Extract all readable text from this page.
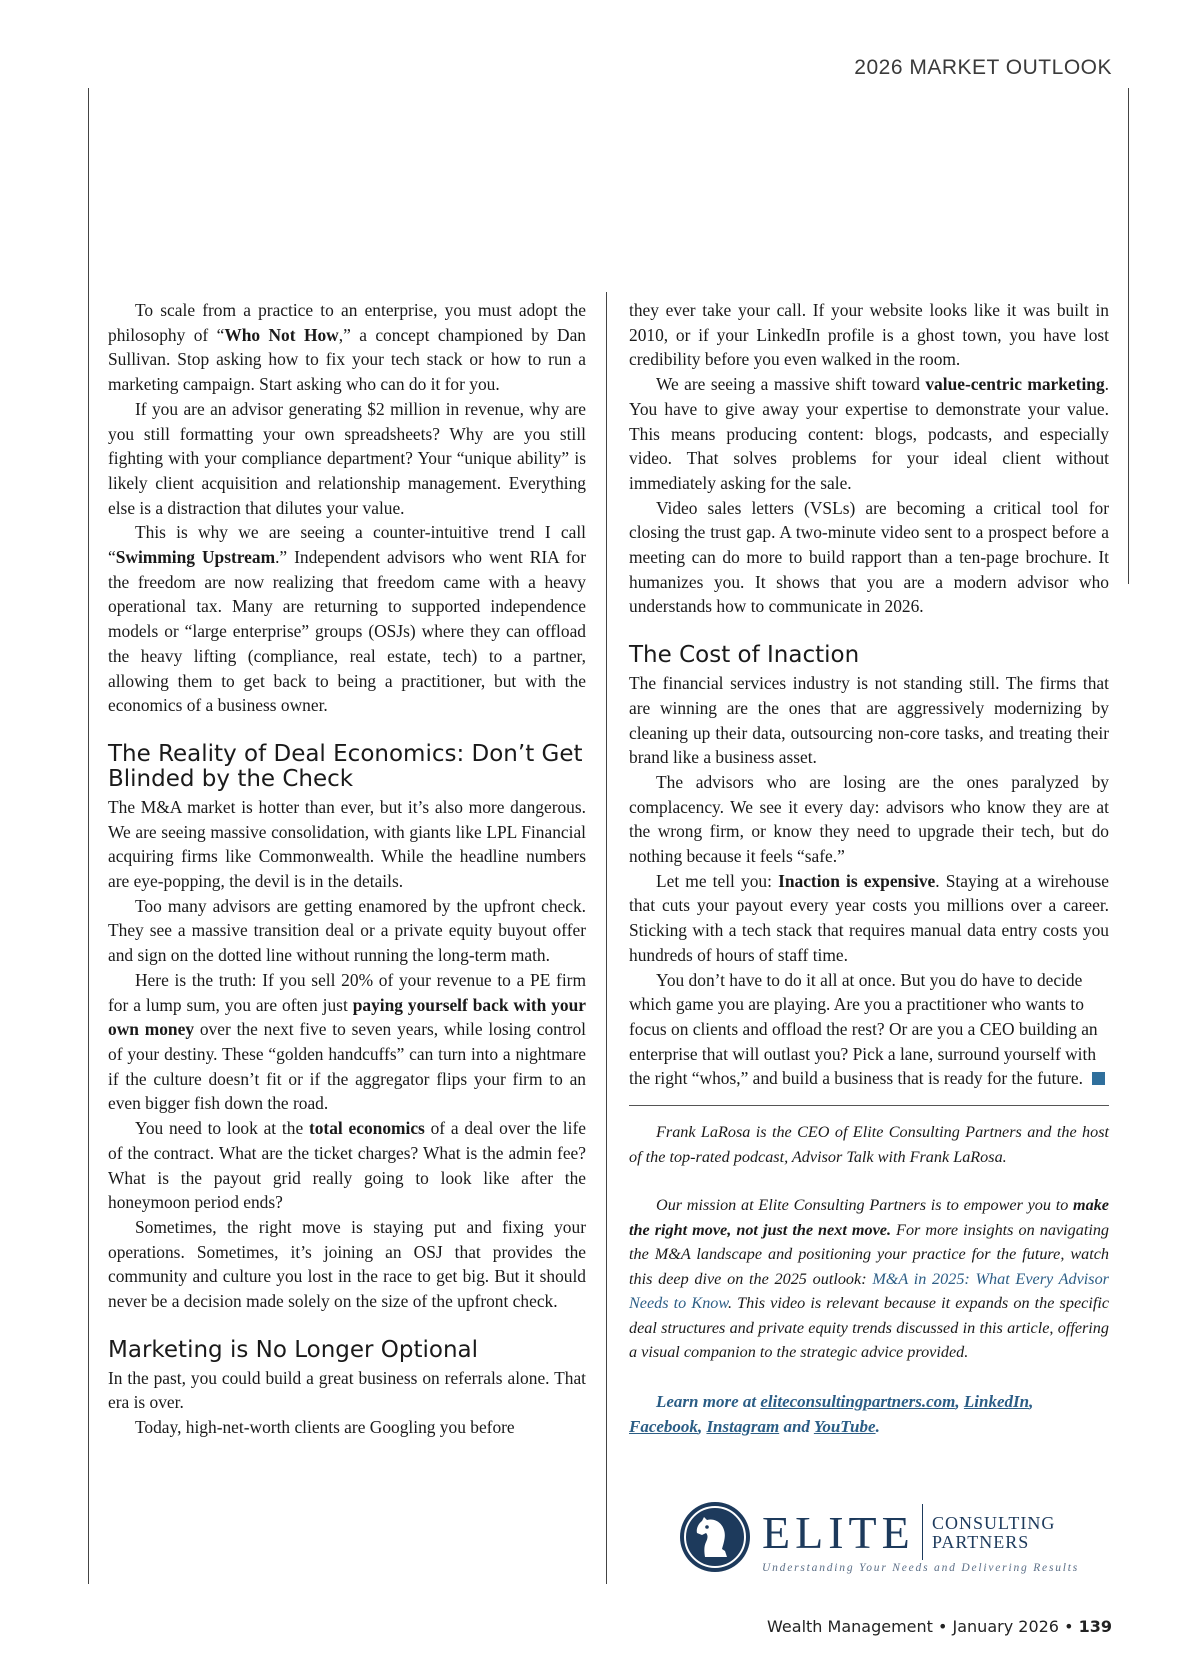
2026 MARKET OUTLOOK

To scale from a practice to an enterprise, you must adopt the philosophy of “Who Not How,” a concept championed by Dan Sullivan. Stop asking how to fix your tech stack or how to run a marketing campaign. Start asking who can do it for you.

If you are an advisor generating $2 million in revenue, why are you still formatting your own spreadsheets? Why are you still fighting with your compliance department? Your “unique ability” is likely client acquisition and relationship management. Everything else is a distraction that dilutes your value.

This is why we are seeing a counter-intuitive trend I call “Swimming Upstream.” Independent advisors who went RIA for the freedom are now realizing that freedom came with a heavy operational tax. Many are returning to supported independence models or “large enterprise” groups (OSJs) where they can offload the heavy lifting (compliance, real estate, tech) to a partner, allowing them to get back to being a practitioner, but with the economics of a business owner.

The Reality of Deal Economics: Don’t Get Blinded by the Check

The M&A market is hotter than ever, but it’s also more dangerous. We are seeing massive consolidation, with giants like LPL Financial acquiring firms like Commonwealth. While the headline numbers are eye-popping, the devil is in the details.

Too many advisors are getting enamored by the upfront check. They see a massive transition deal or a private equity buyout offer and sign on the dotted line without running the long-term math.

Here is the truth: If you sell 20% of your revenue to a PE firm for a lump sum, you are often just paying yourself back with your own money over the next five to seven years, while losing control of your destiny. These “golden handcuffs” can turn into a nightmare if the culture doesn’t fit or if the aggregator flips your firm to an even bigger fish down the road.

You need to look at the total economics of a deal over the life of the contract. What are the ticket charges? What is the admin fee? What is the payout grid really going to look like after the honeymoon period ends?

Sometimes, the right move is staying put and fixing your operations. Sometimes, it’s joining an OSJ that provides the community and culture you lost in the race to get big. But it should never be a decision made solely on the size of the upfront check.

Marketing is No Longer Optional

In the past, you could build a great business on referrals alone. That era is over.

Today, high-net-worth clients are Googling you before

they ever take your call. If your website looks like it was built in 2010, or if your LinkedIn profile is a ghost town, you have lost credibility before you even walked in the room.

We are seeing a massive shift toward value-centric marketing. You have to give away your expertise to demonstrate your value. This means producing content: blogs, podcasts, and especially video. That solves problems for your ideal client without immediately asking for the sale.

Video sales letters (VSLs) are becoming a critical tool for closing the trust gap. A two-minute video sent to a prospect before a meeting can do more to build rapport than a ten-page brochure. It humanizes you. It shows that you are a modern advisor who understands how to communicate in 2026.

The Cost of Inaction

The financial services industry is not standing still. The firms that are winning are the ones that are aggressively modernizing by cleaning up their data, outsourcing non-core tasks, and treating their brand like a business asset.

The advisors who are losing are the ones paralyzed by complacency. We see it every day: advisors who know they are at the wrong firm, or know they need to upgrade their tech, but do nothing because it feels “safe.”

Let me tell you: Inaction is expensive. Staying at a wirehouse that cuts your payout every year costs you millions over a career. Sticking with a tech stack that requires manual data entry costs you hundreds of hours of staff time.

You don’t have to do it all at once. But you do have to decide which game you are playing. Are you a practitioner who wants to focus on clients and offload the rest? Or are you a CEO building an enterprise that will outlast you? Pick a lane, surround yourself with the right “whos,” and build a business that is ready for the future.

Frank LaRosa is the CEO of Elite Consulting Partners and the host of the top-rated podcast, Advisor Talk with Frank LaRosa.

Our mission at Elite Consulting Partners is to empower you to make the right move, not just the next move. For more insights on navigating the M&A landscape and positioning your practice for the future, watch this deep dive on the 2025 outlook: M&A in 2025: What Every Advisor Needs to Know. This video is relevant because it expands on the specific deal structures and private equity trends discussed in this article, offering a visual companion to the strategic advice provided.

Learn more at eliteconsultingpartners.com, LinkedIn, Facebook, Instagram and YouTube.

ELITE CONSULTING
PARTNERS
Understanding Your Needs and Delivering Results
Wealth Management • January 2026 • 139
